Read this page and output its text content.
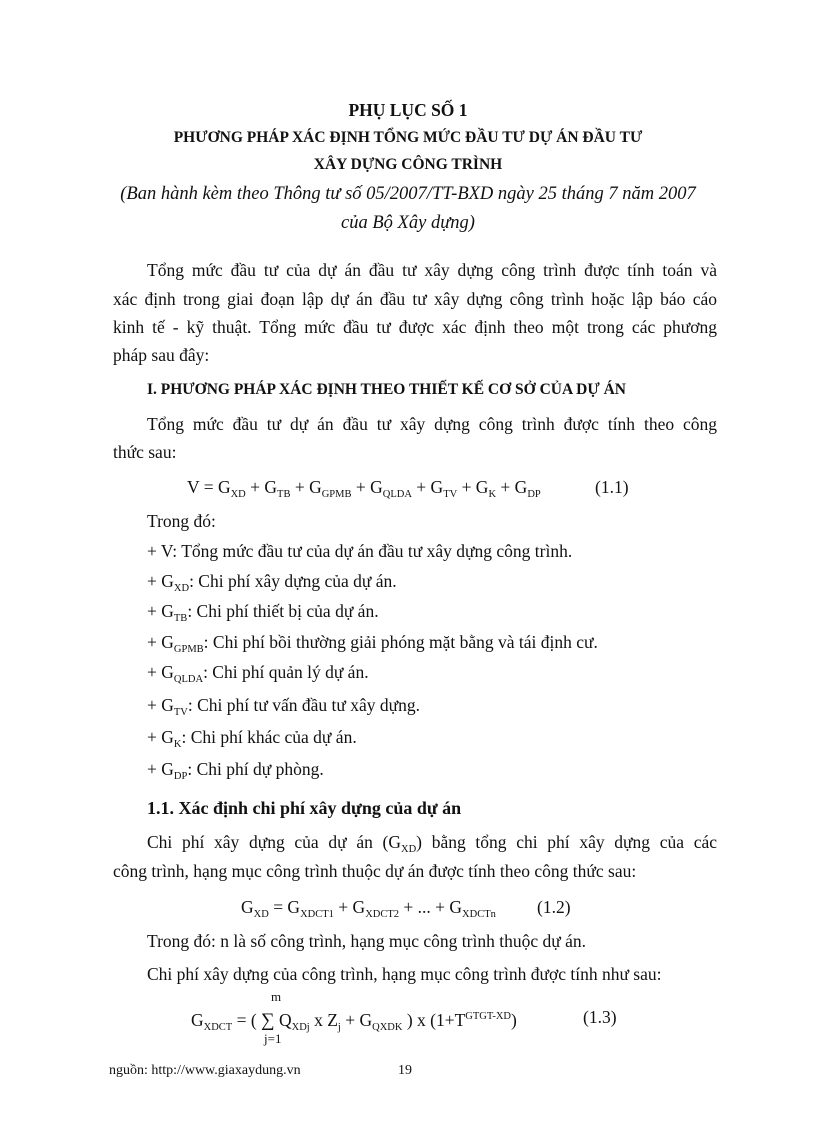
PHỤ LỤC SỐ 1
PHƯƠNG PHÁP XÁC ĐỊNH TỔNG MỨC ĐẦU TƯ DỰ ÁN ĐẦU TƯ
XÂY DỰNG CÔNG TRÌNH
(Ban hành kèm theo Thông tư số 05/2007/TT-BXD ngày 25 tháng 7 năm 2007
của Bộ Xây dựng)
Tổng mức đầu tư của dự án đầu tư xây dựng công trình được tính toán và
xác định trong giai đoạn lập dự án đầu tư xây dựng công trình hoặc lập báo cáo
kinh tế - kỹ thuật. Tổng mức đầu tư được xác định theo một trong các phương
pháp sau đây:
I. PHƯƠNG PHÁP XÁC ĐỊNH THEO THIẾT KẾ CƠ SỞ CỦA DỰ ÁN
Tổng mức đầu tư dự án đầu tư xây dựng công trình được tính theo công
thức sau:
$V = G_{XD} + G_{TB} + G_{GPMB} + G_{QLDA} + G_{TV} + G_K + G_{DP}$	(1.1)
Trong đó:
+ V: Tổng mức đầu tư của dự án đầu tư xây dựng công trình.
+ $G_{XD}$: Chi phí xây dựng của dự án.
+ $G_{TB}$: Chi phí thiết bị của dự án.
+ $G_{GPMB}$: Chi phí bồi thường giải phóng mặt bằng và tái định cư.
+ $G_{QLDA}$: Chi phí quản lý dự án.
+ $G_{TV}$: Chi phí tư vấn đầu tư xây dựng.
+ $G_K$: Chi phí khác của dự án.
+ $G_{DP}$: Chi phí dự phòng.
1.1. Xác định chi phí xây dựng của dự án
Chi phí xây dựng của dự án $(G_{XD})$ bằng tổng chi phí xây dựng của các
công trình, hạng mục công trình thuộc dự án được tính theo công thức sau:
$G_{XD} = G_{XDCT1} + G_{XDCT2}$ + ... + $G_{XDCTn}$ (1.2)
Trong đó: n là số công trình, hạng mục công trình thuộc dự án.
Chi phí xây dựng của công trình, hạng mục công trình được tính như sau:
m
$G_{XDCT}$ = ( ∑ $Q_{XDj}$ x $Z_j + G_{QXDK}$ ) x $(1+T^{GTGT-XD})$
j=1
(1.3)
nguồn: http://www.giaxaydung.vn	19
